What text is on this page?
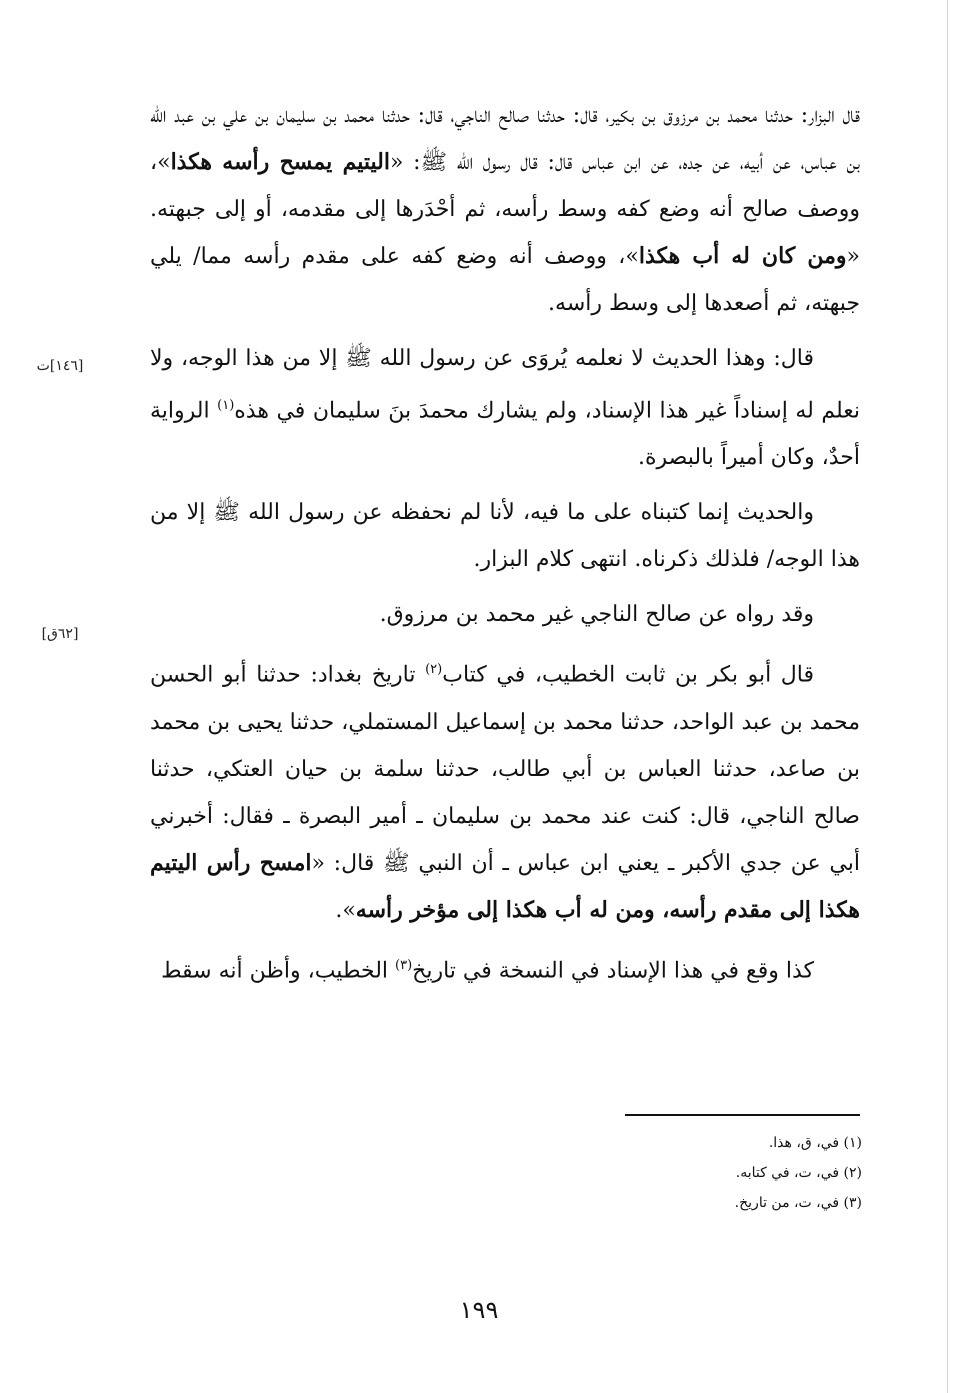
قال البزار: حدثنا محمد بن مرزوق بن بكير، قال: حدثنا صالح الناجي، قال: حدثنا محمد بن سليمان بن علي بن عبد الله بن عباس، عن أبيه، عن جده، عن ابن عباس قال: قال رسول الله ﷺ: «اليتيم يمسح رأسه هكذا»، ووصف صالح أنه وضع كفه وسط رأسه، ثم أحْدَرها إلى مقدمه، أو إلى جبهته. «ومن كان له أب هكذا»، ووصف أنه وضع كفه على مقدم رأسه مما/ يلي جبهته، ثم أصعدها إلى وسط رأسه.

قال: وهذا الحديث لا نعلمه يُروَى عن رسول الله ﷺ إلا من هذا الوجه، ولا نعلم له إسناداً غير هذا الإسناد، ولم يشارك محمدَ بنَ سليمان في هذه$^{(١)}$ الرواية أحدٌ، وكان أميراً بالبصرة.

والحديث إنما كتبناه على ما فيه، لأنا لم نحفظه عن رسول الله ﷺ إلا من هذا الوجه/ فلذلك ذكرناه. انتهى كلام البزار.

وقد رواه عن صالح الناجي غير محمد بن مرزوق.

قال أبو بكر بن ثابت الخطيب، في كتاب$^{(٢)}$ تاريخ بغداد: حدثنا أبو الحسن محمد بن عبد الواحد، حدثنا محمد بن إسماعيل المستملي، حدثنا يحيى بن محمد بن صاعد، حدثنا العباس بن أبي طالب، حدثنا سلمة بن حيان العتكي، حدثنا صالح الناجي، قال: كنت عند محمد بن سليمان ـ أمير البصرة ـ فقال: أخبرني أبي عن جدي الأكبر ـ يعني ابن عباس ـ أن النبي ﷺ قال: «امسح رأس اليتيم هكذا إلى مقدم رأسه، ومن له أب هكذا إلى مؤخر رأسه».

كذا وقع في هذا الإسناد في النسخة في تاريخ$^{(٣)}$ الخطيب، وأظن أنه سقط

[١٤٦]ت
[٦٢ق]

(١) في، ق، هذا.

(٢) في، ت، في كتابه.

(٣) في، ت، من تاريخ.

١٩٩
